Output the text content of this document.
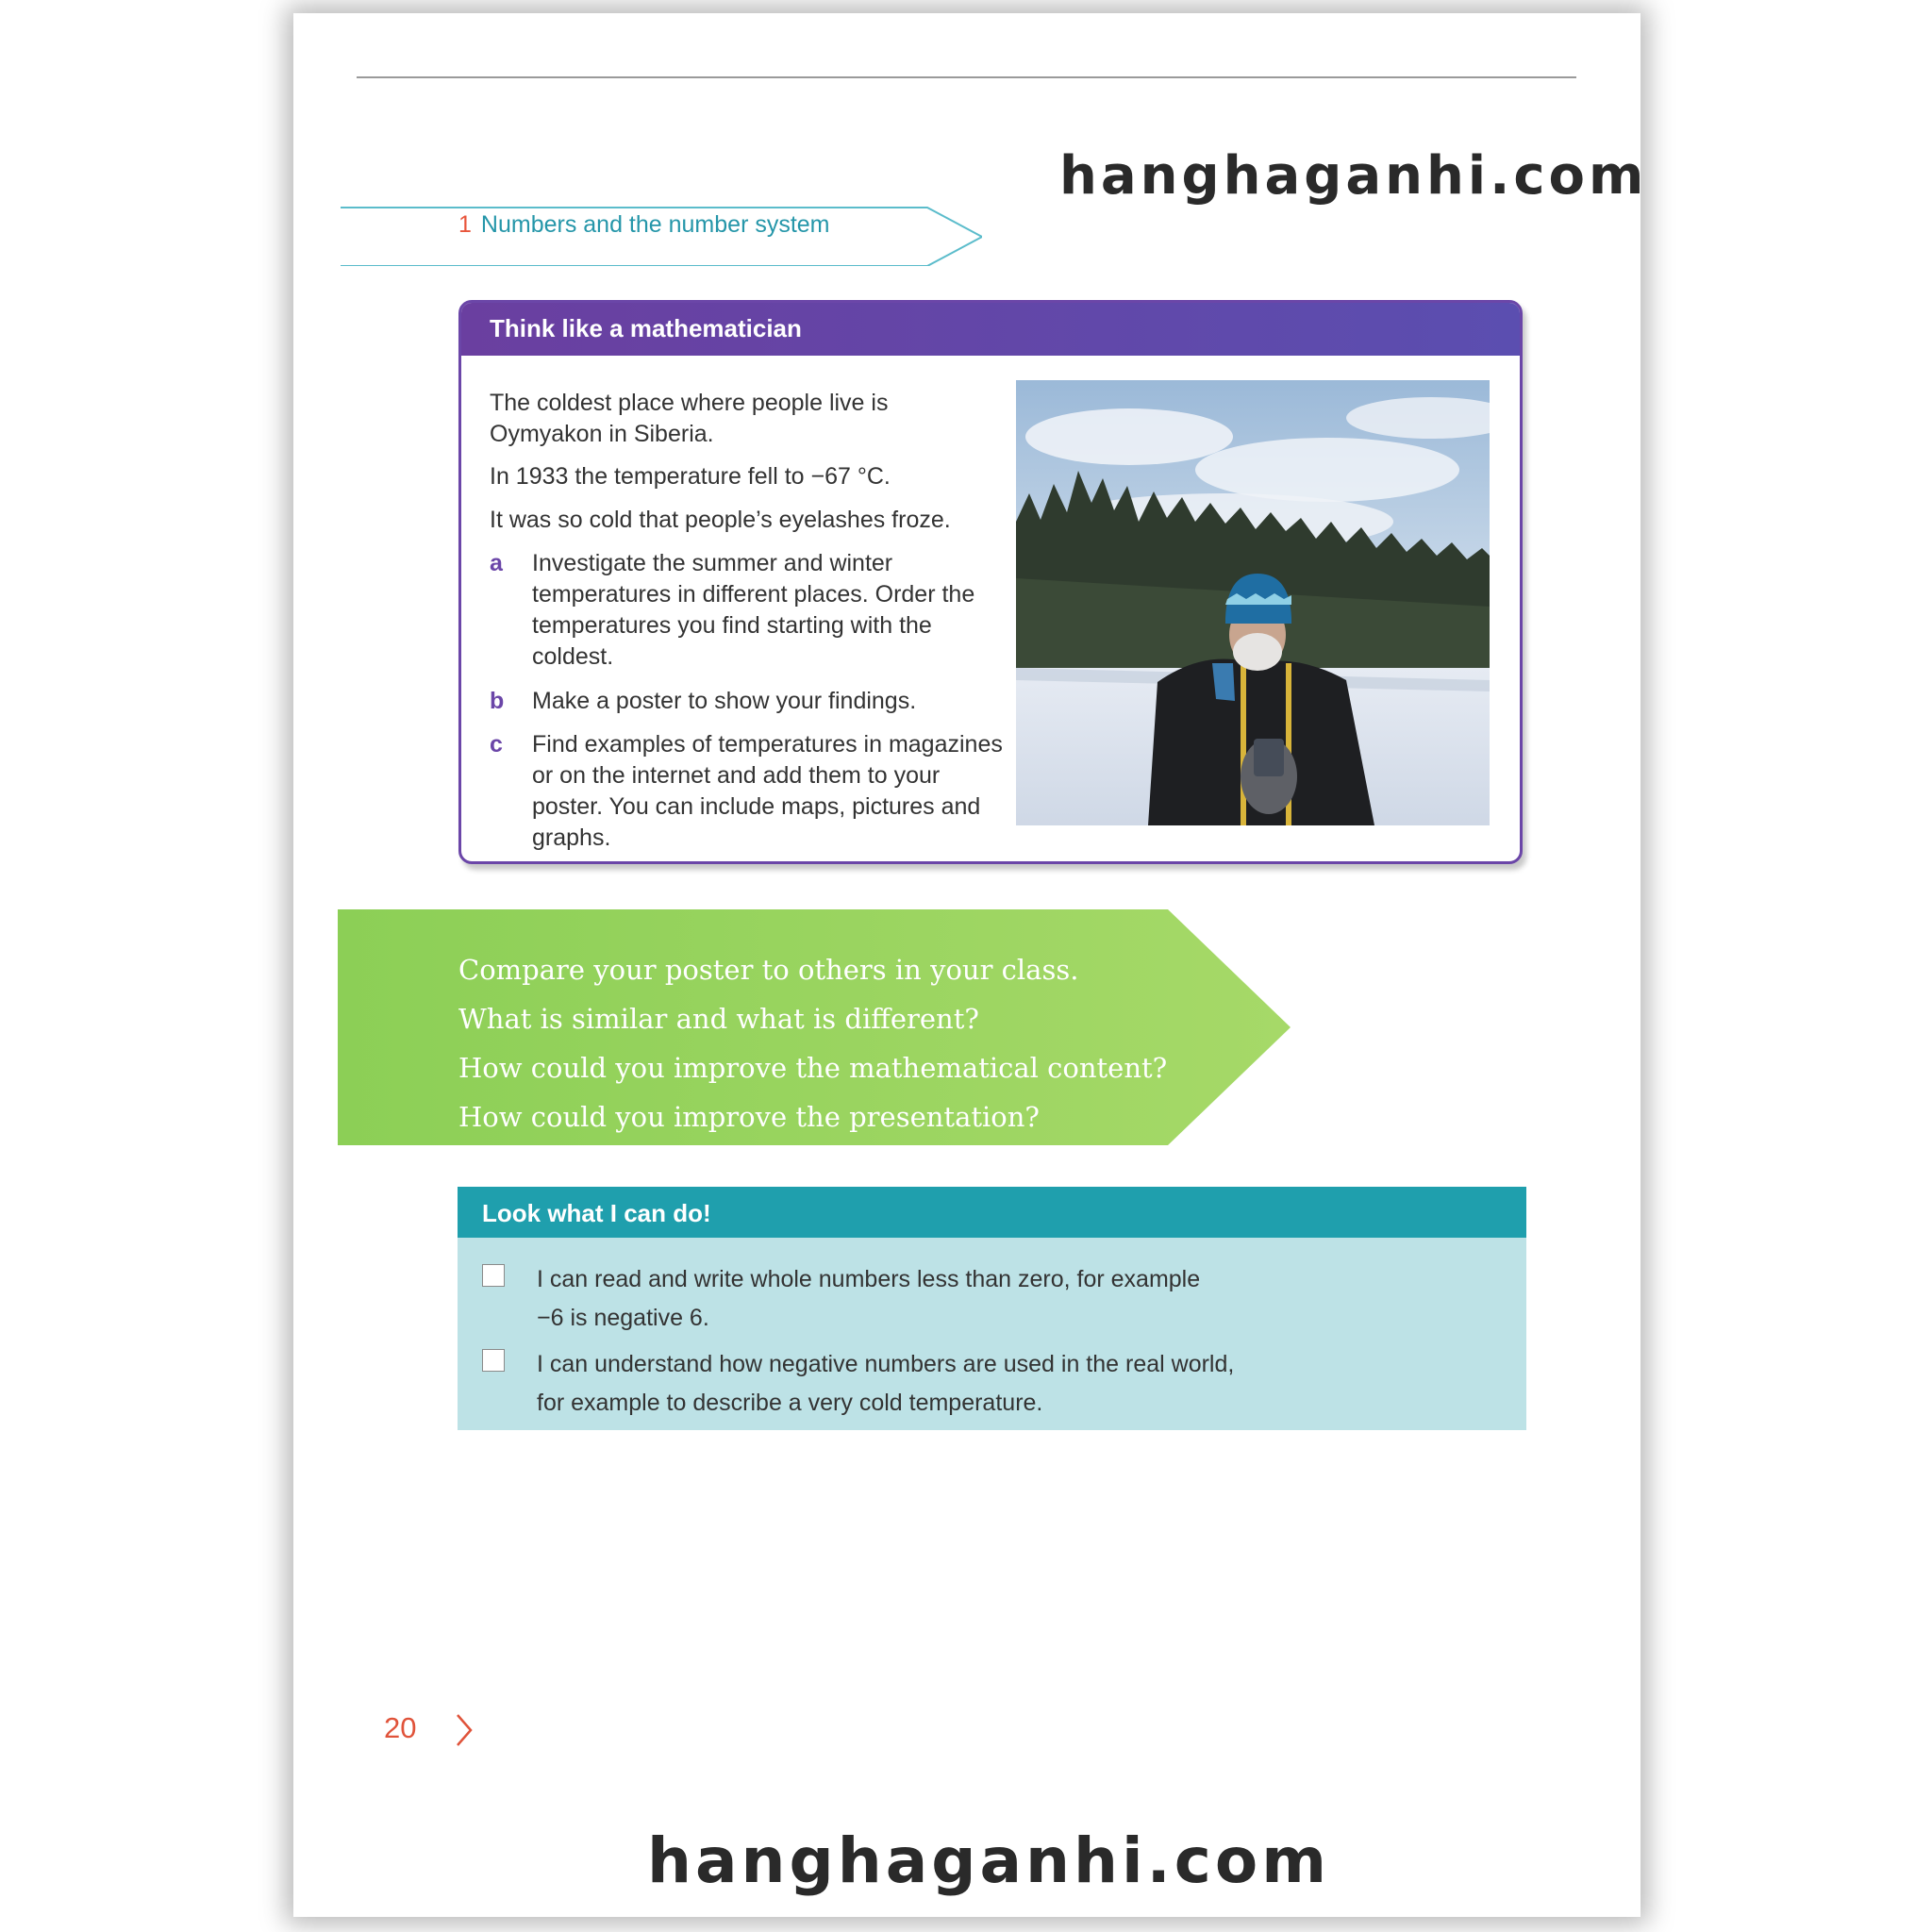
hanghaganhi.com
1 Numbers and the number system
Think like a mathematician

The coldest place where people live is Oymyakon in Siberia.

In 1933 the temperature fell to −67 °C.

It was so cold that people’s eyelashes froze.

a Investigate the summer and winter temperatures in different places. Order the temperatures you find starting with the coldest.
b Make a poster to show your findings.
c Find examples of temperatures in magazines or on the internet and add them to your poster. You can include maps, pictures and graphs.
Compare your poster to others in your class.
What is similar and what is different?
How could you improve the mathematical content?
How could you improve the presentation?
Look what I can do!
I can read and write whole numbers less than zero, for example
−6 is negative 6.
I can understand how negative numbers are used in the real world,
for example to describe a very cold temperature.
20
hanghaganhi.com
